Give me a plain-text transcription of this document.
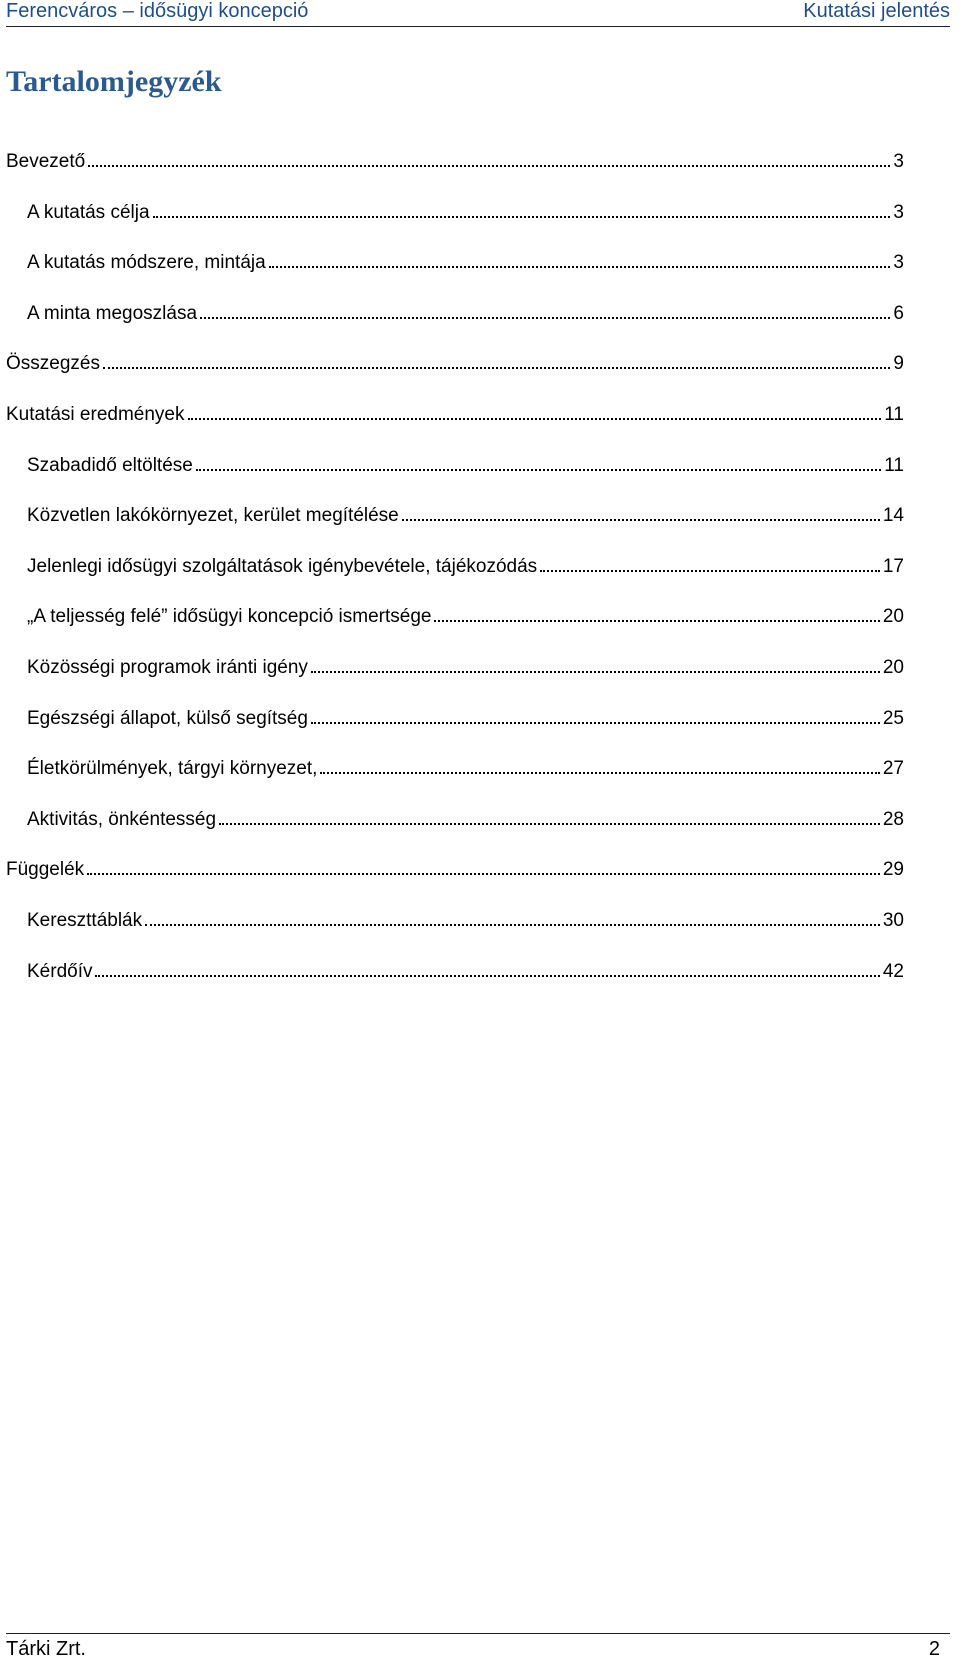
Ferencváros – idősügyi koncepció	Kutatási jelentés
Tartalomjegyzék
Bevezető	3
A kutatás célja	3
A kutatás módszere, mintája	3
A minta megoszlása	6
Összegzés	9
Kutatási eredmények	11
Szabadidő eltöltése	11
Közvetlen lakókörnyezet, kerület megítélése	14
Jelenlegi idősügyi szolgáltatások igénybevétele, tájékozódás	17
„A teljesség felé” idősügyi koncepció ismertsége	20
Közösségi programok iránti igény	20
Egészségi állapot, külső segítség	25
Életkörülmények, tárgyi környezet,	27
Aktivitás, önkéntesség	28
Függelék	29
Kereszttáblák	30
Kérdőív	42
Tárki Zrt.	2
